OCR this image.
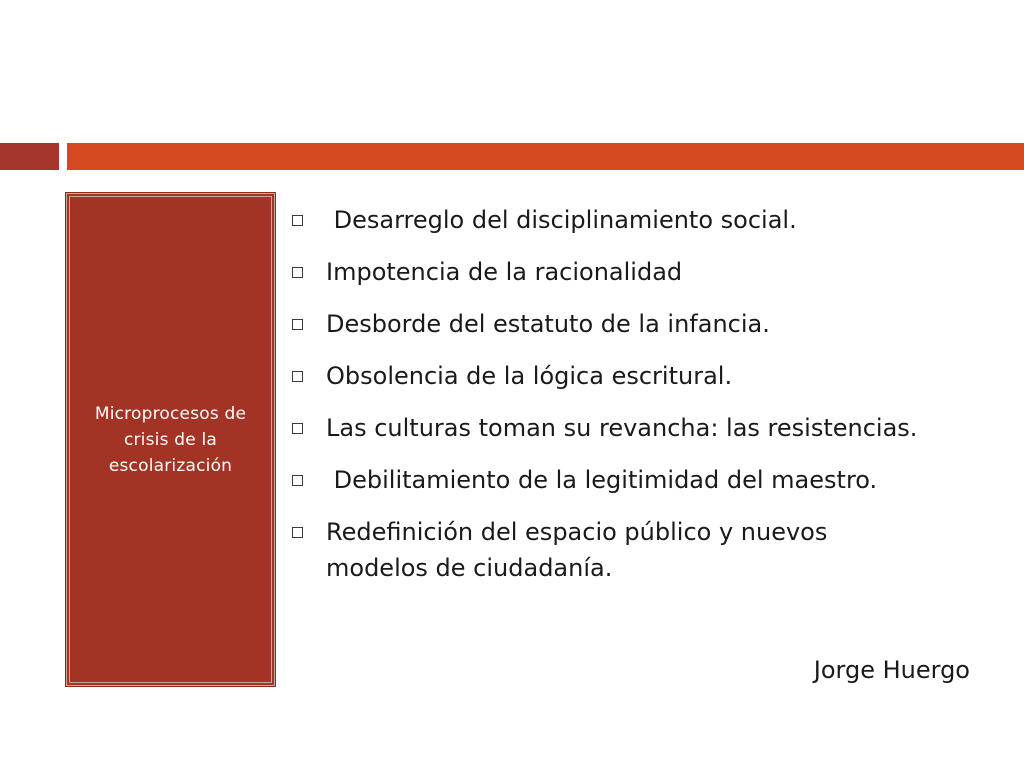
Microprocesos de crisis de la escolarización
Desarreglo del disciplinamiento social.
Impotencia de la racionalidad
Desborde del estatuto de la infancia.
Obsolencia de la lógica escritural.
Las culturas toman su revancha: las resistencias.
Debilitamiento de la legitimidad del maestro.
Redefinición del espacio público y nuevos modelos de ciudadanía.
Jorge Huergo
